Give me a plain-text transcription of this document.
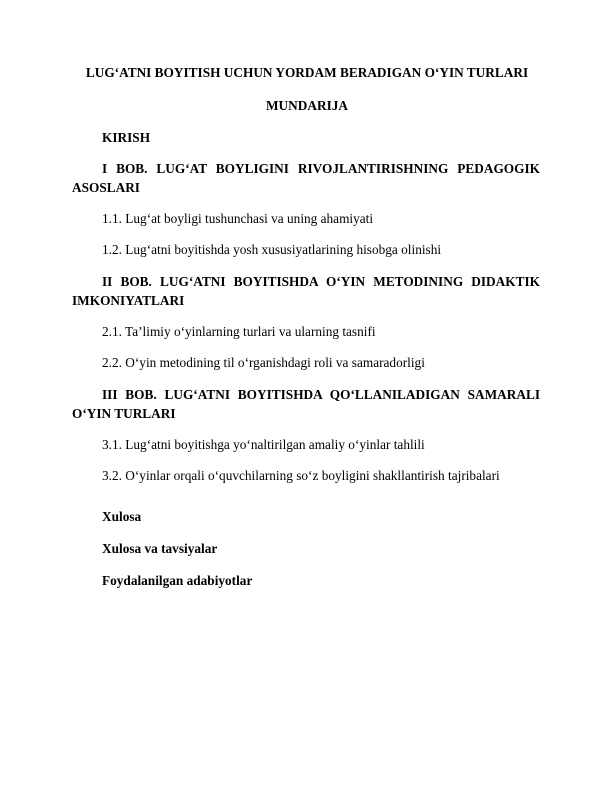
LUG‘ATNI BOYITISH UCHUN YORDAM BERADIGAN O‘YIN TURLARI
MUNDARIJA
KIRISH
I BOB. LUG‘AT BOYLIGINI RIVOJLANTIRISHNING PEDAGOGIK ASOSLARI
1.1. Lug‘at boyligi tushunchasi va uning ahamiyati
1.2. Lug‘atni boyitishda yosh xususiyatlarining hisobga olinishi
II BOB. LUG‘ATNI BOYITISHDA O‘YIN METODINING DIDAKTIK IMKONIYATLARI
2.1. Ta’limiy o‘yinlarning turlari va ularning tasnifi
2.2. O‘yin metodining til o‘rganishdagi roli va samaradorligi
III BOB. LUG‘ATNI BOYITISHDA QO‘LLANILADIGAN SAMARALI O‘YIN TURLARI
3.1. Lug‘atni boyitishga yo‘naltirilgan amaliy o‘yinlar tahlili
3.2. O‘yinlar orqali o‘quvchilarning so‘z boyligini shakllantirish tajribalari
Xulosa
Xulosa va tavsiyalar
Foydalanilgan adabiyotlar
